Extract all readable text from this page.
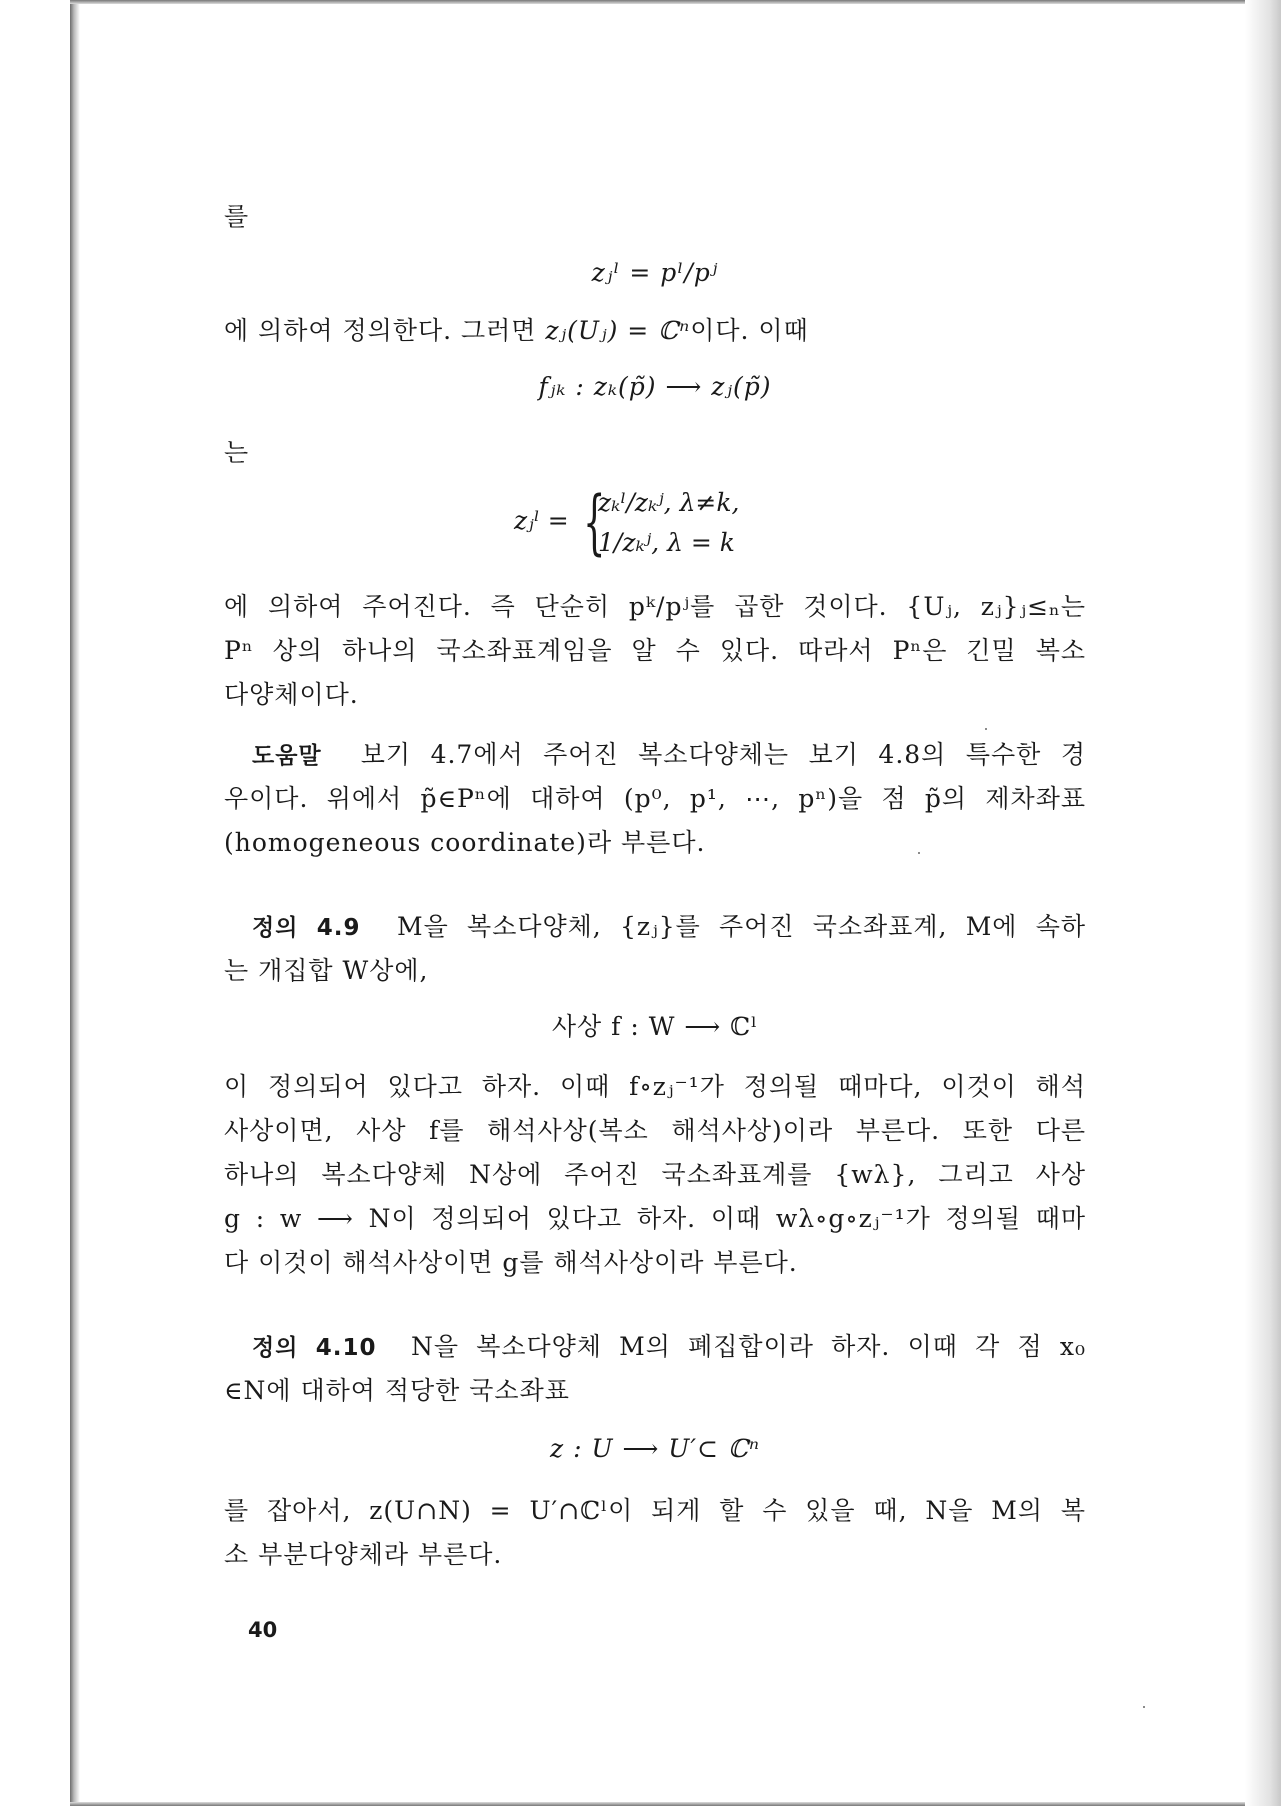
를
zⱼˡ = pˡ/pʲ
에 의하여 정의한다. 그러면 zⱼ(Uⱼ) = ℂⁿ이다. 이때
fⱼₖ : zₖ(p̃) ⟶ zⱼ(p̃)
는
zⱼˡ = {
zₖˡ/zₖʲ, λ≠k,
1/zₖʲ, λ = k
에 의하여 주어진다. 즉 단순히 pᵏ/pʲ를 곱한 것이다. {Uⱼ, zⱼ}ⱼ≤ₙ는
Pⁿ 상의 하나의 국소좌표계임을 알 수 있다. 따라서 Pⁿ은 긴밀 복소
다양체이다.
도움말 보기 4.7에서 주어진 복소다양체는 보기 4.8의 특수한 경
우이다. 위에서 p̃∈Pⁿ에 대하여 (p⁰, p¹, ⋯, pⁿ)을 점 p̃의 제차좌표
(homogeneous coordinate)라 부른다.
정의 4.9 M을 복소다양체, {zⱼ}를 주어진 국소좌표계, M에 속하
는 개집합 W상에,
사상 f : W ⟶ ℂˡ
이 정의되어 있다고 하자. 이때 f∘zⱼ⁻¹가 정의될 때마다, 이것이 해석
사상이면, 사상 f를 해석사상(복소 해석사상)이라 부른다. 또한 다른
하나의 복소다양체 N상에 주어진 국소좌표계를 {wλ}, 그리고 사상
g : w ⟶ N이 정의되어 있다고 하자. 이때 wλ∘g∘zⱼ⁻¹가 정의될 때마
다 이것이 해석사상이면 g를 해석사상이라 부른다.
정의 4.10 N을 복소다양체 M의 폐집합이라 하자. 이때 각 점 x₀
∈N에 대하여 적당한 국소좌표
z : U ⟶ U′⊂ ℂⁿ
를 잡아서, z(U∩N) = U′∩ℂˡ이 되게 할 수 있을 때, N을 M의 복
소 부분다양체라 부른다.
40
